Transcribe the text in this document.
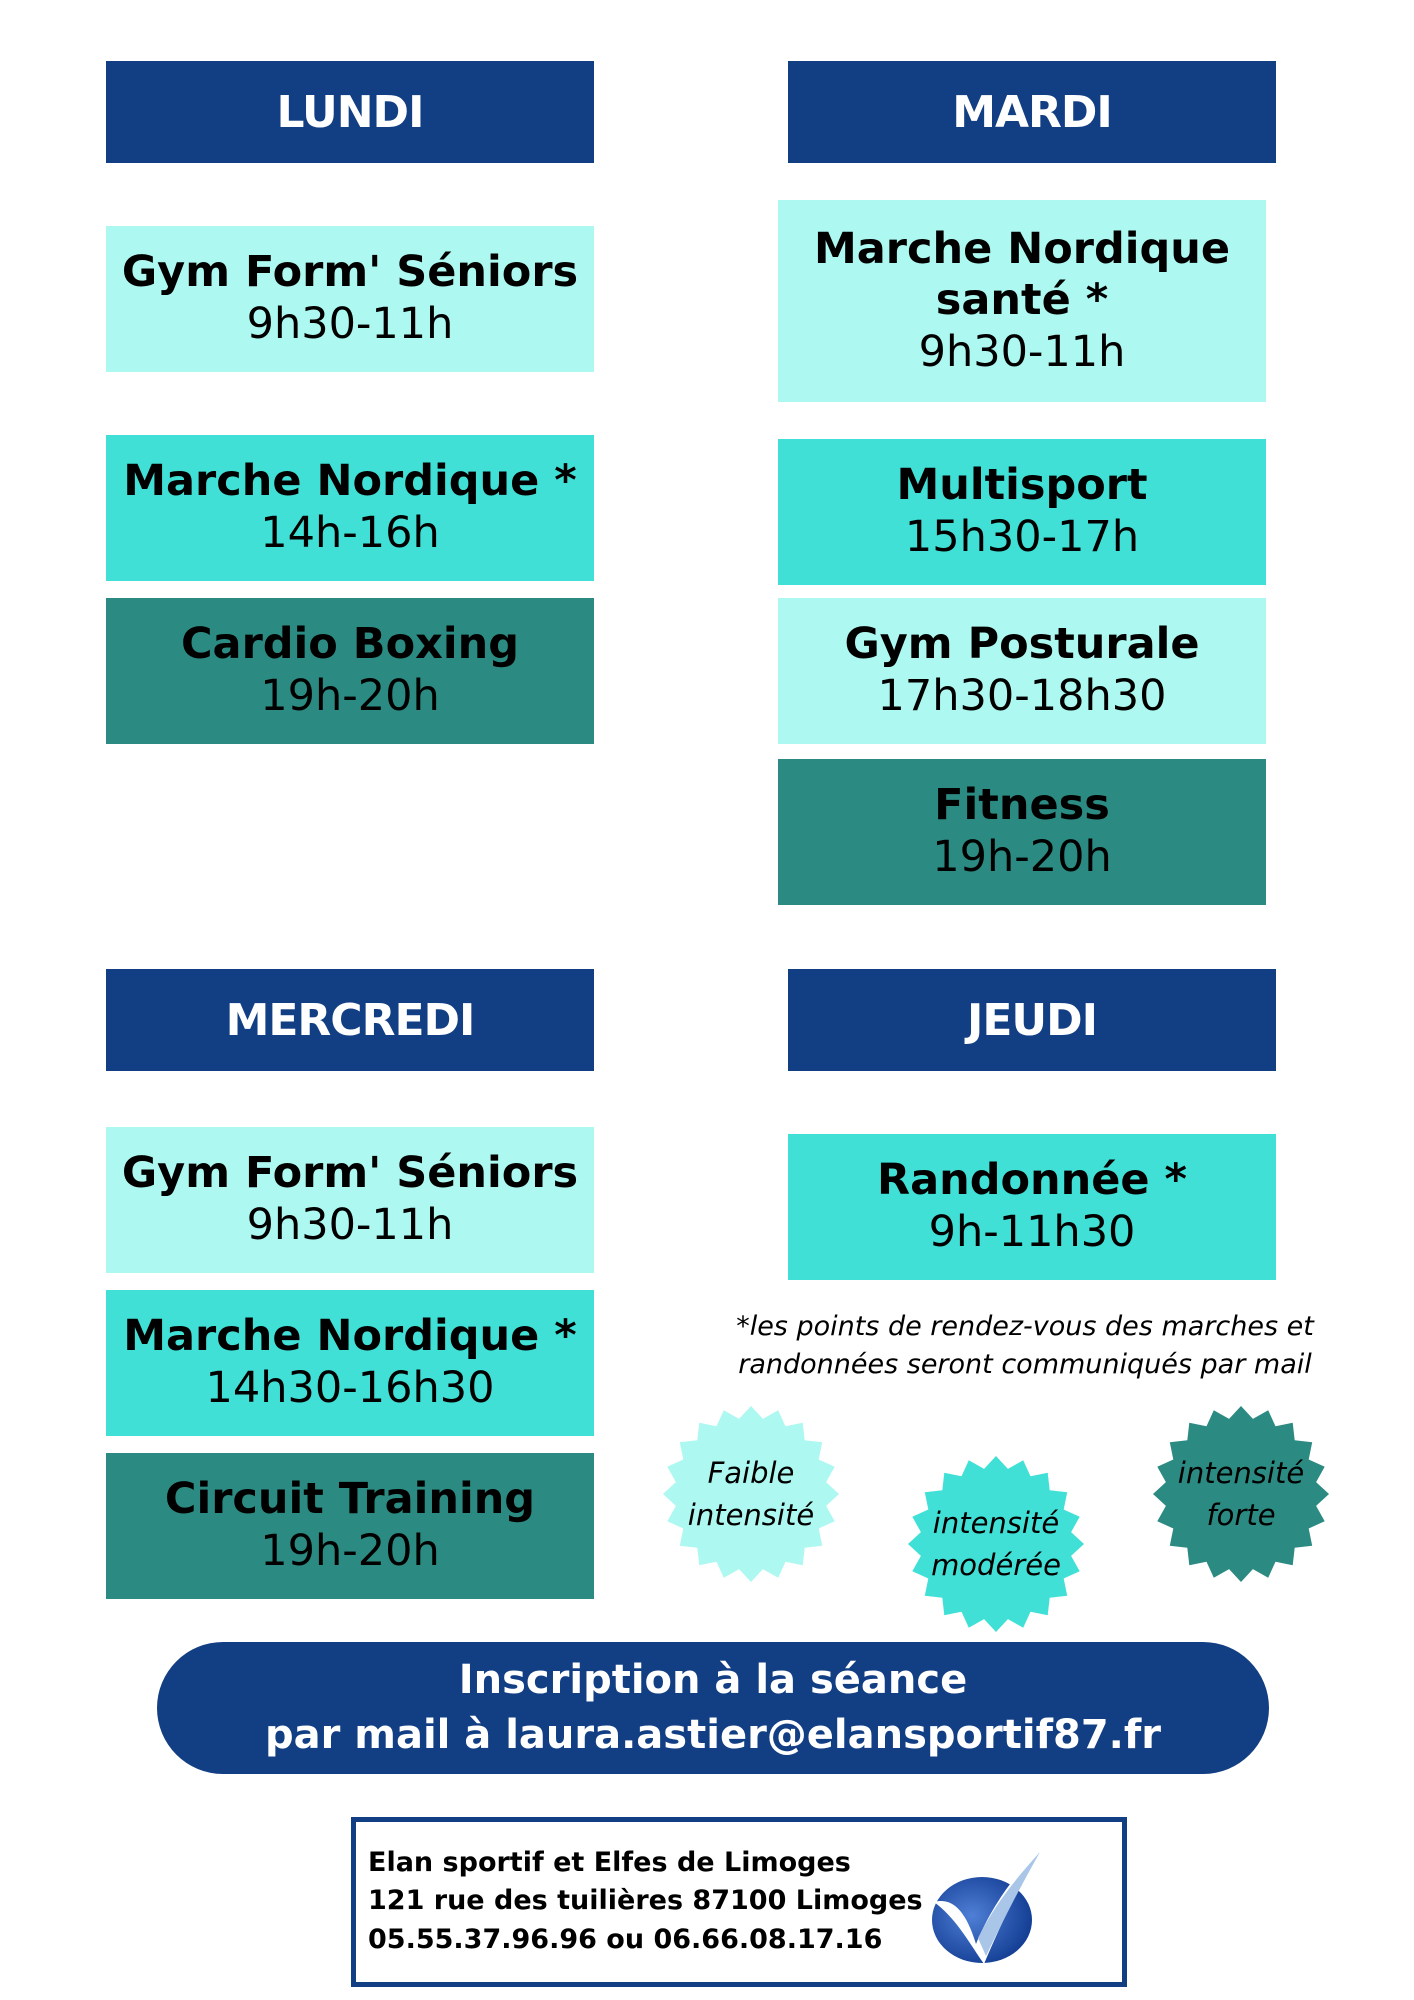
LUNDI	MARDI
MERCREDI	JEUDI
Gym Form' Séniors
9h30-11h
Marche Nordique *
14h-16h
Cardio Boxing
19h-20h
Marche Nordique
santé *
9h30-11h
Multisport
15h30-17h
Gym Posturale
17h30-18h30
Fitness
19h-20h
Gym Form' Séniors
9h30-11h
Marche Nordique *
14h30-16h30
Circuit Training
19h-20h
Randonnée *
9h-11h30
*les points de rendez-vous des marches et
randonnées seront communiqués par mail
Faible
intensité	intensité
modérée
intensité
forte
Inscription à la séance
par mail à laura.astier@elansportif87.fr
Elan sportif et Elfes de Limoges
121 rue des tuilières 87100 Limoges
05.55.37.96.96 ou 06.66.08.17.16
